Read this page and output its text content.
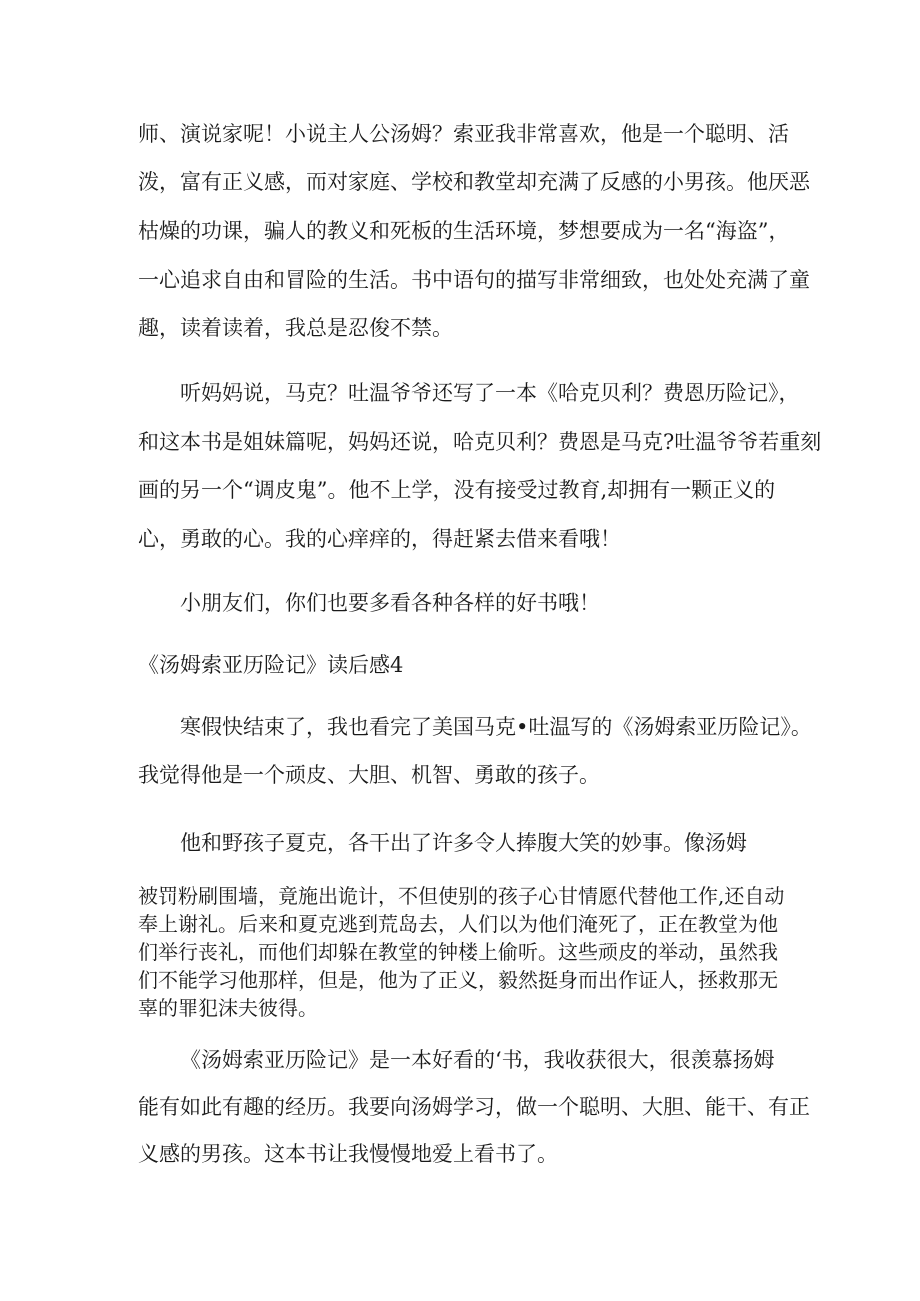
师、演说家呢！小说主人公汤姆？索亚我非常喜欢，他是一个聪明、活
泼，富有正义感，而对家庭、学校和教堂却充满了反感的小男孩。他厌恶
枯燥的功课，骗人的教义和死板的生活环境，梦想要成为一名“海盗”，
一心追求自由和冒险的生活。书中语句的描写非常细致，也处处充满了童
趣，读着读着，我总是忍俊不禁。
听妈妈说，马克？吐温爷爷还写了一本《哈克贝利？费恩历险记》，
和这本书是姐妹篇呢，妈妈还说，哈克贝利？费恩是马克?吐温爷爷若重刻
画的另一个“调皮鬼”。他不上学，没有接受过教育,却拥有一颗正义的
心，勇敢的心。我的心痒痒的，得赶紧去借来看哦！
小朋友们，你们也要多看各种各样的好书哦！
《汤姆索亚历险记》读后感4
寒假快结束了，我也看完了美国马克•吐温写的《汤姆索亚历险记》。
我觉得他是一个顽皮、大胆、机智、勇敢的孩子。
他和野孩子夏克，各干出了许多令人捧腹大笑的妙事。像汤姆
被罚粉刷围墙，竟施出诡计，不但使别的孩子心甘情愿代替他工作,还自动
奉上谢礼。后来和夏克逃到荒岛去，人们以为他们淹死了，正在教堂为他
们举行丧礼，而他们却躲在教堂的钟楼上偷听。这些顽皮的举动，虽然我
们不能学习他那样，但是，他为了正义，毅然挺身而出作证人，拯救那无
辜的罪犯沫夫彼得。
《汤姆索亚历险记》是一本好看的‘书，我收获很大，很羡慕扬姆
能有如此有趣的经历。我要向汤姆学习，做一个聪明、大胆、能干、有正
义感的男孩。这本书让我慢慢地爱上看书了。
